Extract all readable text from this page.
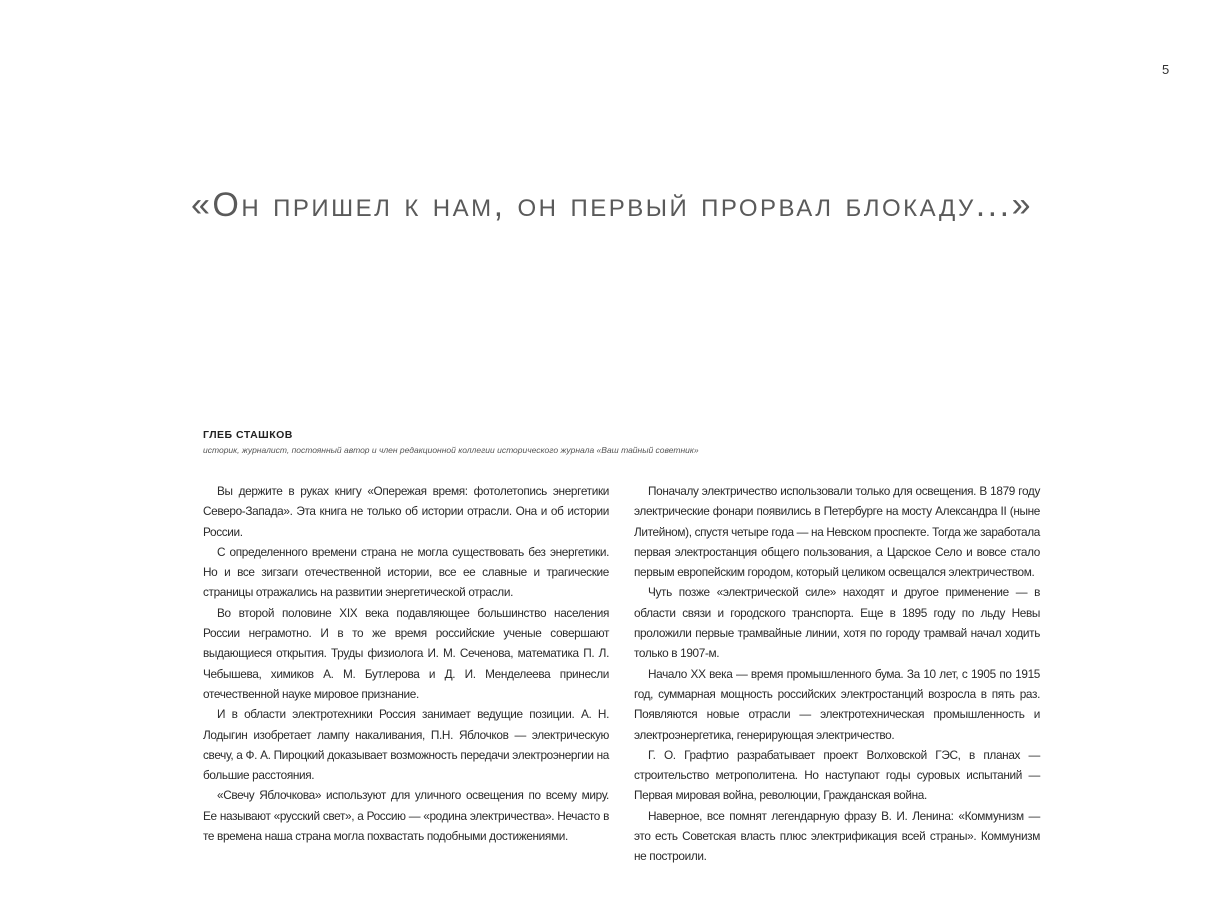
5
«Он пришел к нам, он первый прорвал блокаду...»
ГЛЕБ СТАШКОВ
историк, журналист, постоянный автор и член редакционной коллегии исторического журнала «Ваш тайный советник»

Вы держите в руках книгу «Опережая время: фотолетопись энергетики Северо-Запада». Эта книга не только об истории отрасли. Она и об истории России.

С определенного времени страна не могла существовать без энергетики. Но и все зигзаги отечественной истории, все ее славные и трагические страницы отражались на развитии энергетической отрасли.

Во второй половине XIX века подавляющее большинство населения России неграмотно. И в то же время российские ученые совершают выдающиеся открытия. Труды физиолога И. М. Сеченова, математика П. Л. Чебышева, химиков А. М. Бутлерова и Д. И. Менделеева принесли отечественной науке мировое признание.

И в области электротехники Россия занимает ведущие позиции. А. Н. Лодыгин изобретает лампу накаливания, П.Н. Яблочков — электрическую свечу, а Ф. А. Пироцкий доказывает возможность передачи электроэнергии на большие расстояния.

«Свечу Яблочкова» используют для уличного освещения по всему миру. Ее называют «русский свет», а Россию — «родина электричества». Нечасто в те времена наша страна могла похвастать подобными достижениями.

Поначалу электричество использовали только для освещения. В 1879 году электрические фонари появились в Петербурге на мосту Александра II (ныне Литейном), спустя четыре года — на Невском проспекте. Тогда же заработала первая электростанция общего пользования, а Царское Село и вовсе стало первым европейским городом, который целиком освещался электричеством.

Чуть позже «электрической силе» находят и другое применение — в области связи и городского транспорта. Еще в 1895 году по льду Невы проложили первые трамвайные линии, хотя по городу трамвай начал ходить только в 1907-м.

Начало XX века — время промышленного бума. За 10 лет, с 1905 по 1915 год, суммарная мощность российских электростанций возросла в пять раз. Появляются новые отрасли — электротехническая промышленность и электроэнергетика, генерирующая электричество.

Г. О. Графтио разрабатывает проект Волховской ГЭС, в планах — строительство метрополитена. Но наступают годы суровых испытаний — Первая мировая война, революции, Гражданская война.

Наверное, все помнят легендарную фразу В. И. Ленина: «Коммунизм — это есть Советская власть плюс электрификация всей страны». Коммунизм не построили.
